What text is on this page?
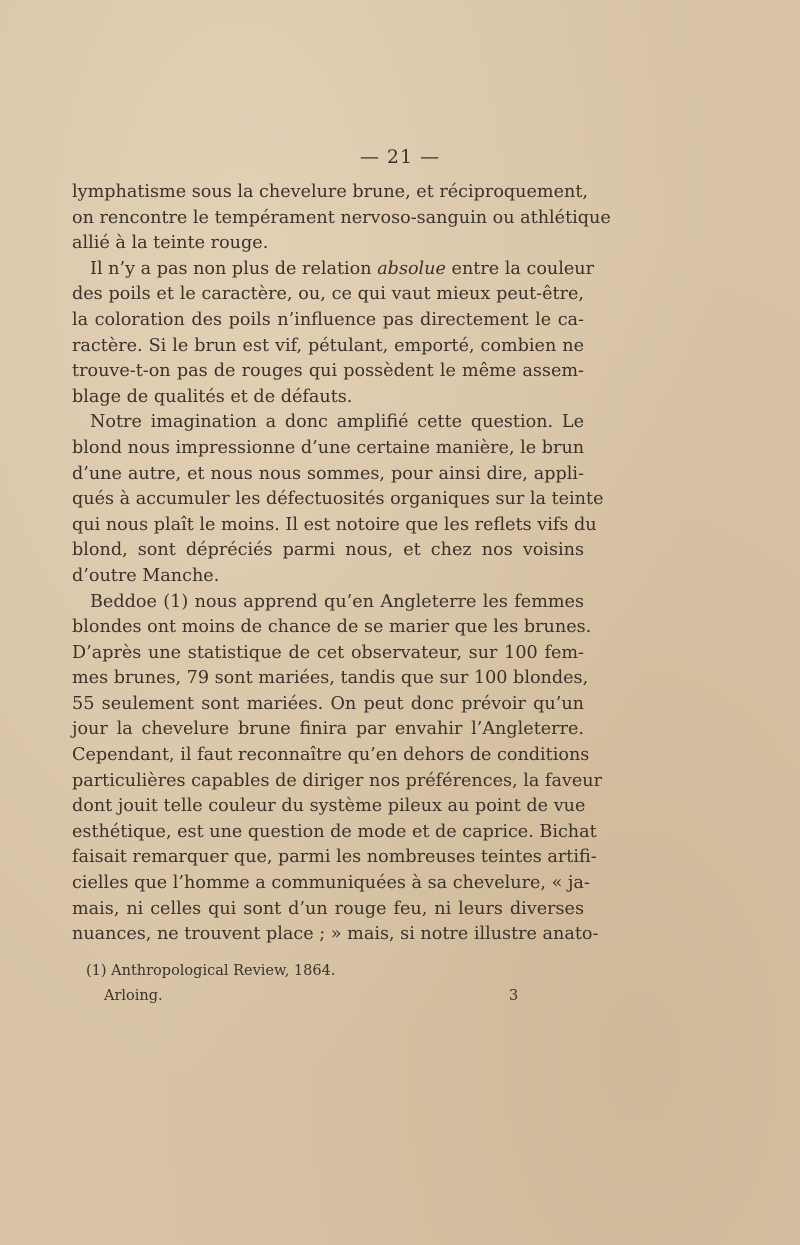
— 21 —
lymphatisme sous la chevelure brune, et réciproquement,
on rencontre le tempérament nervoso-sanguin ou athlétique
allié à la teinte rouge.
Il n’y a pas non plus de relation absolue entre la couleur
des poils et le caractère, ou, ce qui vaut mieux peut-être,
la coloration des poils n’influence pas directement le ca-
ractère. Si le brun est vif, pétulant, emporté, combien ne
trouve-t-on pas de rouges qui possèdent le même assem-
blage de qualités et de défauts.
Notre imagination a donc amplifié cette question. Le
blond nous impressionne d’une certaine manière, le brun
d’une autre, et nous nous sommes, pour ainsi dire, appli-
qués à accumuler les défectuosités organiques sur la teinte
qui nous plaît le moins. Il est notoire que les reflets vifs du
blond, sont dépréciés parmi nous, et chez nos voisins
d’outre Manche.
Beddoe (1) nous apprend qu’en Angleterre les femmes
blondes ont moins de chance de se marier que les brunes.
D’après une statistique de cet observateur, sur 100 fem-
mes brunes, 79 sont mariées, tandis que sur 100 blondes,
55 seulement sont mariées. On peut donc prévoir qu’un
jour la chevelure brune finira par envahir l’Angleterre.
Cependant, il faut reconnaître qu’en dehors de conditions
particulières capables de diriger nos préférences, la faveur
dont jouit telle couleur du système pileux au point de vue
esthétique, est une question de mode et de caprice. Bichat
faisait remarquer que, parmi les nombreuses teintes artifi-
cielles que l’homme a communiquées à sa chevelure, « ja-
mais, ni celles qui sont d’un rouge feu, ni leurs diverses
nuances, ne trouvent place ; » mais, si notre illustre anato-
(1) Anthropological Review, 1864.
Arloing.	3
